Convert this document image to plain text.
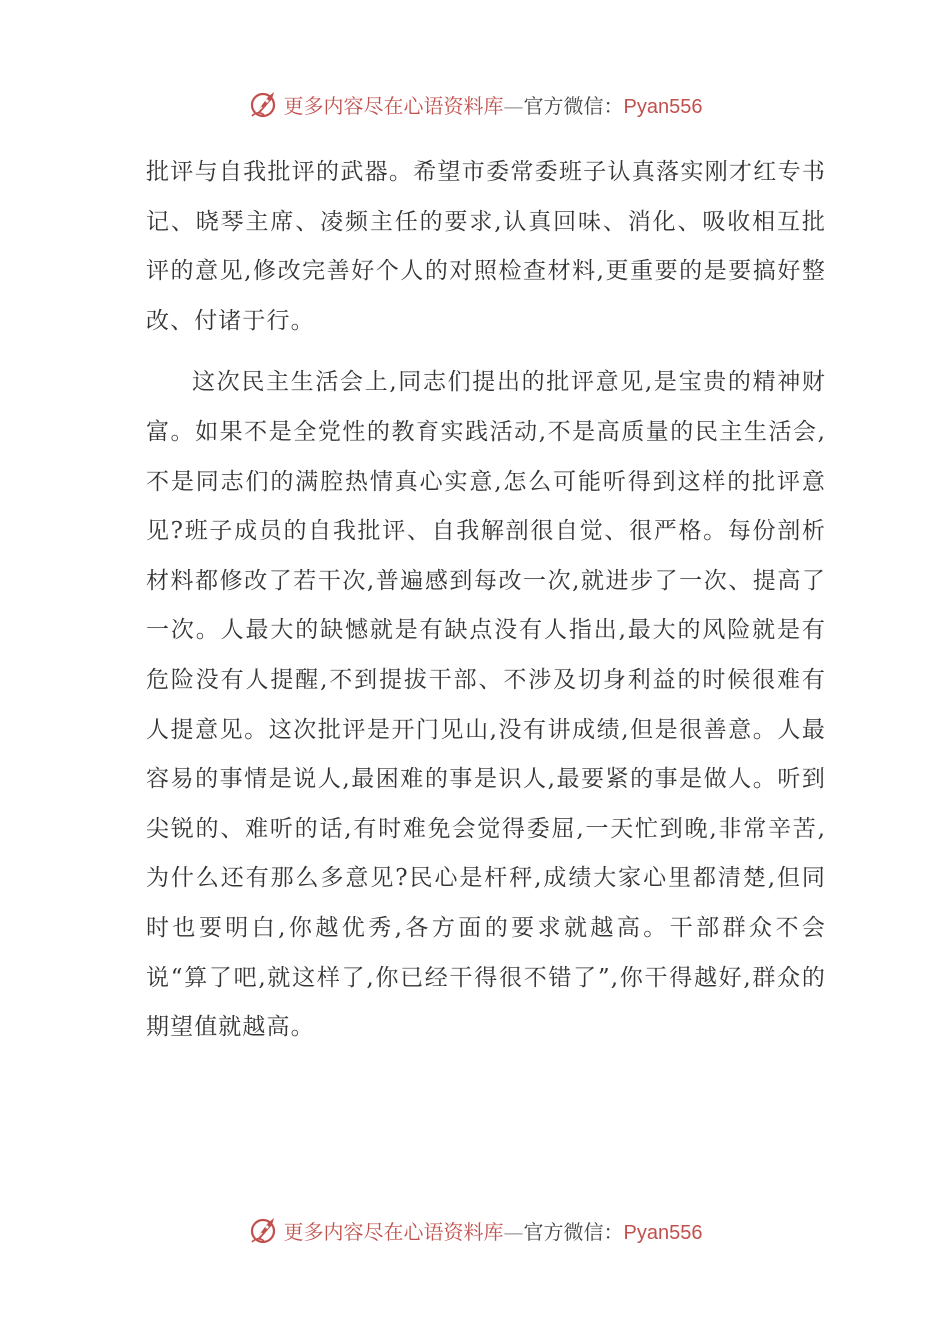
更多内容尽在心语资料库 — 官方微信： Pyan556

批评与自我批评的武器。希望市委常委班子认真落实刚才红专书记、晓琴主席、凌频主任的要求,认真回味、消化、吸收相互批评的意见,修改完善好个人的对照检查材料,更重要的是要搞好整改、付诸于行。

这次民主生活会上,同志们提出的批评意见,是宝贵的精神财富。如果不是全党性的教育实践活动,不是高质量的民主生活会,不是同志们的满腔热情真心实意,怎么可能听得到这样的批评意见?班子成员的自我批评、自我解剖很自觉、很严格。每份剖析材料都修改了若干次,普遍感到每改一次,就进步了一次、提高了一次。人最大的缺憾就是有缺点没有人指出,最大的风险就是有危险没有人提醒,不到提拔干部、不涉及切身利益的时候很难有人提意见。这次批评是开门见山,没有讲成绩,但是很善意。人最容易的事情是说人,最困难的事是识人,最要紧的事是做人。听到尖锐的、难听的话,有时难免会觉得委屈,一天忙到晚,非常辛苦,为什么还有那么多意见?民心是杆秤,成绩大家心里都清楚,但同时也要明白,你越优秀,各方面的要求就越高。干部群众不会说“算了吧,就这样了,你已经干得很不错了”,你干得越好,群众的期望值就越高。

更多内容尽在心语资料库 — 官方微信： Pyan556
